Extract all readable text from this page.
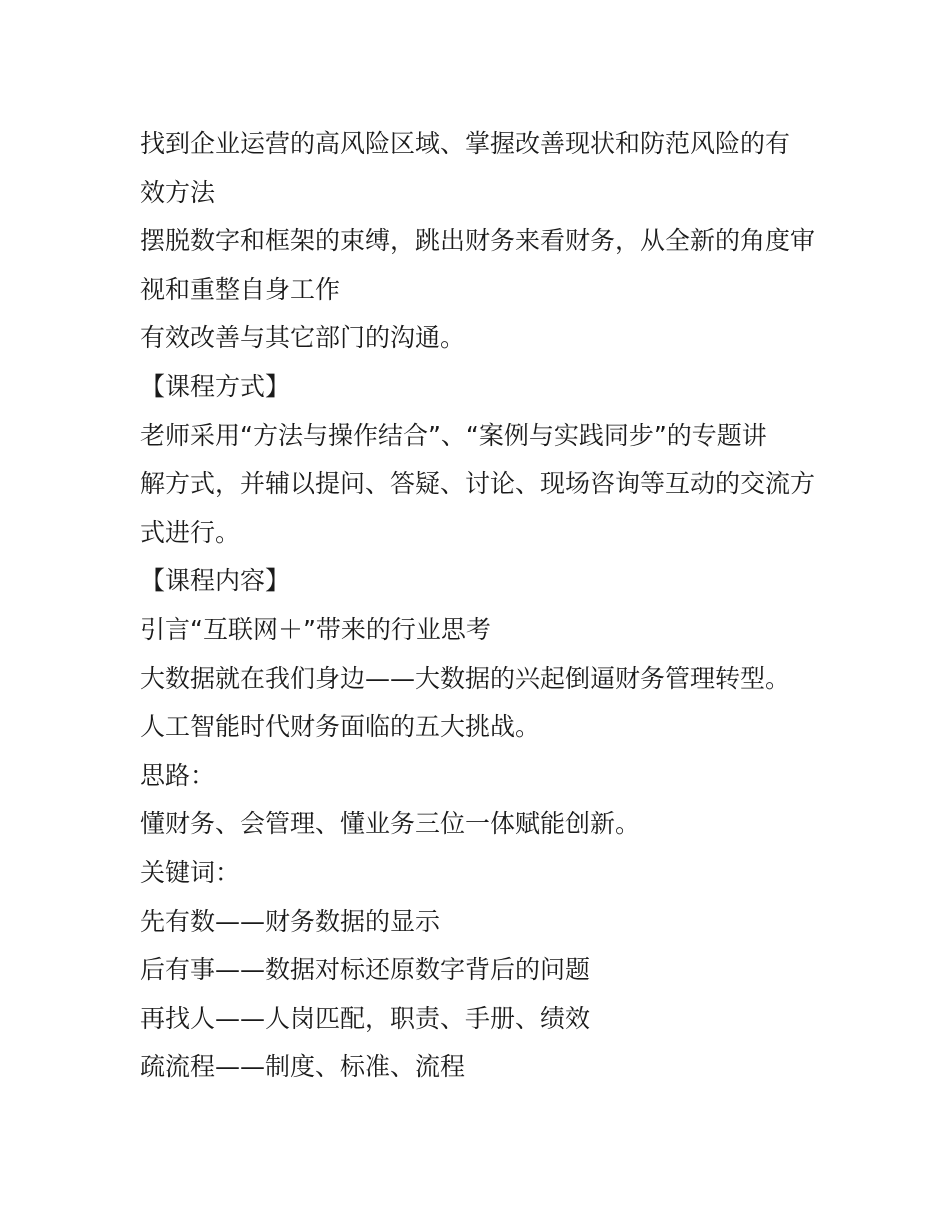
找到企业运营的高风险区域、掌握改善现状和防范风险的有
效方法
摆脱数字和框架的束缚，跳出财务来看财务，从全新的角度审
视和重整自身工作
有效改善与其它部门的沟通。
【课程方式】
老师采用“方法与操作结合”、“案例与实践同步”的专题讲
解方式，并辅以提问、答疑、讨论、现场咨询等互动的交流方
式进行。
【课程内容】
引言“互联网＋”带来的行业思考
大数据就在我们身边——大数据的兴起倒逼财务管理转型。
人工智能时代财务面临的五大挑战。
思路：
懂财务、会管理、懂业务三位一体赋能创新。
关键词：
先有数——财务数据的显示
后有事——数据对标还原数字背后的问题
再找人——人岗匹配，职责、手册、绩效
疏流程——制度、标准、流程
